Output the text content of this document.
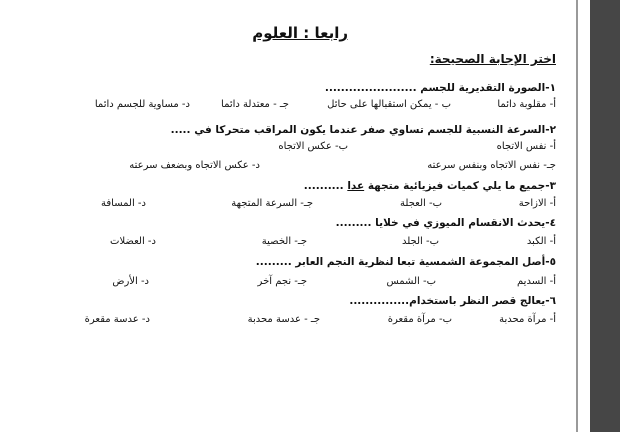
رابعا : العلوم
اختر الإجابة الصحيحة:
١-الصورة التقديرية للجسم .......................
أ- مقلوبة دائما
ب - يمكن استقبالها على حائل
جـ - معتدلة دائما
د- مساوية للجسم دائما
٢-السرعة النسبية للجسم تساوي صفر عندما يكون المراقب متحركا في .....
أ- نفس الاتجاه
ب- عكس الاتجاه
جـ- نفس الاتجاه وبنفس سرعته
د- عكس الاتجاه وبضعف سرعته
٣-جميع ما يلي كميات فيزيائية متجهة عدا ..........
أ- الازاحة
ب- العجلة
جـ- السرعة المتجهة
د- المسافة
٤-يحدث الانقسام الميوزي في خلايا .........
أ- الكبد
ب- الجلد
جـ- الخصية
د- العضلات
٥-أصل المجموعة الشمسية تبعا لنظرية النجم العابر .........
أ- السديم
ب- الشمس
جـ- نجم آخر
د- الأرض
٦-يعالج قصر النظر باستخدام...............
أ- مرآة محدبة
ب- مرآة مقعرة
جـ - عدسة محدبة
د- عدسة مقعرة
